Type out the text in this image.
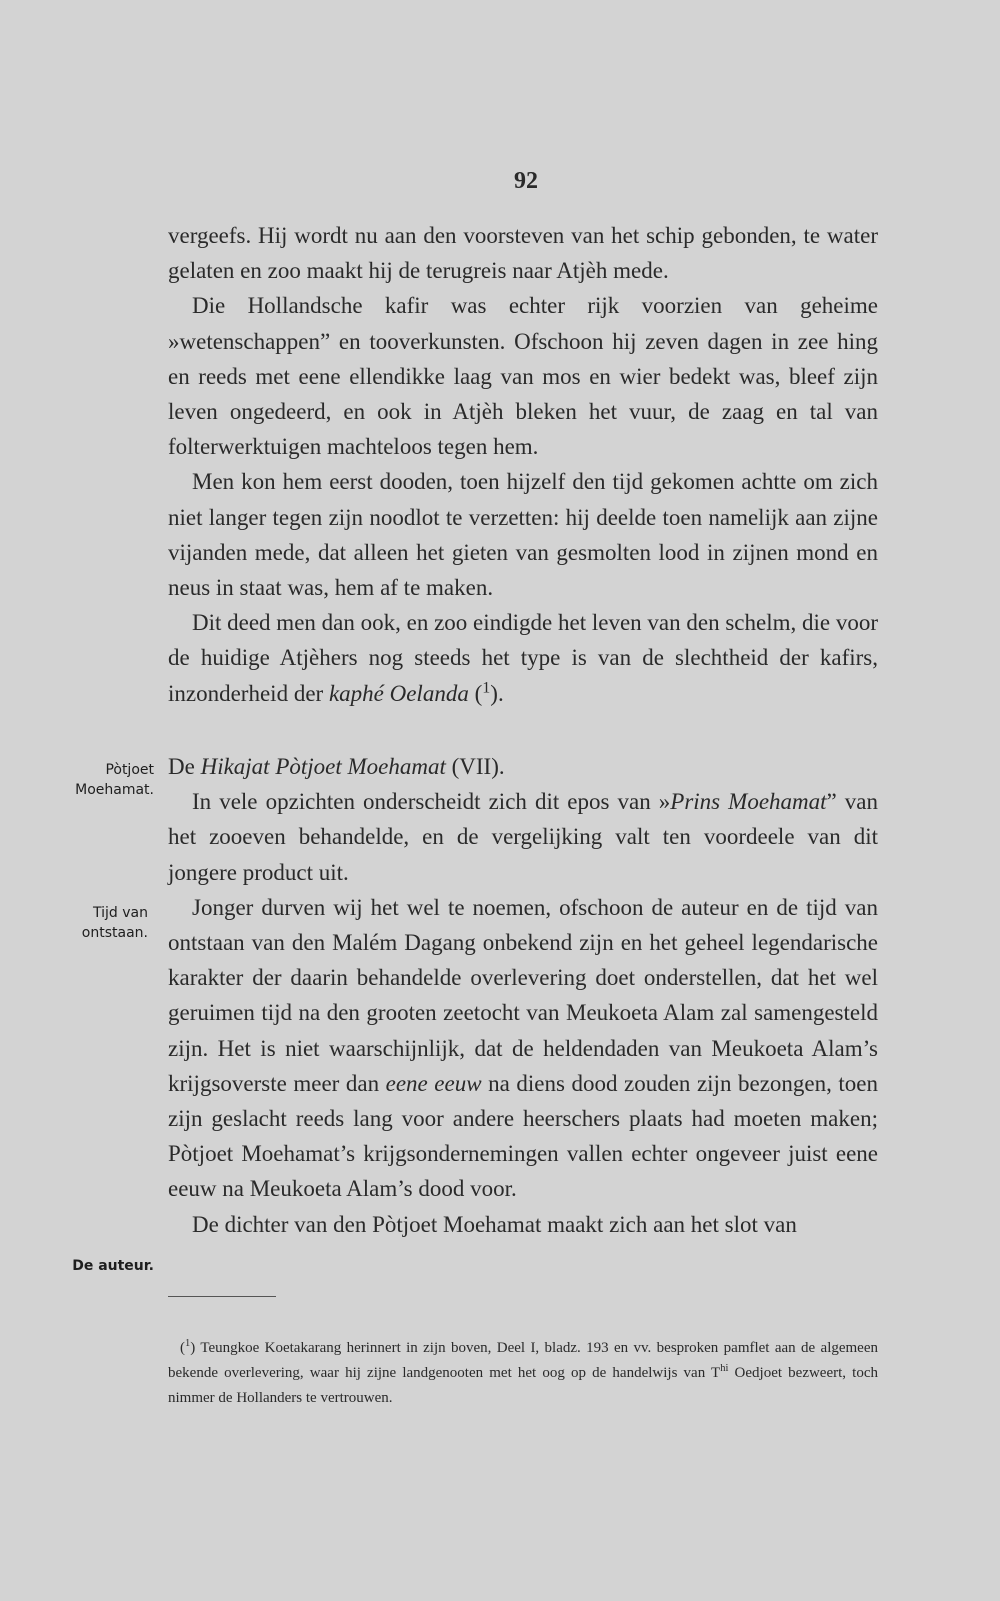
92

vergeefs. Hij wordt nu aan den voorsteven van het schip gebonden, te water gelaten en zoo maakt hij de terugreis naar Atjèh mede.

Die Hollandsche kafir was echter rijk voorzien van geheime »wetenschappen” en tooverkunsten. Ofschoon hij zeven dagen in zee hing en reeds met eene ellendikke laag van mos en wier bedekt was, bleef zijn leven ongedeerd, en ook in Atjèh bleken het vuur, de zaag en tal van folterwerktuigen machteloos tegen hem.

Men kon hem eerst dooden, toen hijzelf den tijd gekomen achtte om zich niet langer tegen zijn noodlot te verzetten: hij deelde toen namelijk aan zijne vijanden mede, dat alleen het gieten van gesmolten lood in zijnen mond en neus in staat was, hem af te maken.

Dit deed men dan ook, en zoo eindigde het leven van den schelm, die voor de huidige Atjèhers nog steeds het type is van de slechtheid der kafirs, inzonderheid der kaphé Oelanda ($^1$).

Pòtjoet
Moehamat.
Tijd van
ontstaan.
De auteur.

De Hikajat Pòtjoet Moehamat (VII).

In vele opzichten onderscheidt zich dit epos van »Prins Moehamat” van het zooeven behandelde, en de vergelijking valt ten voordeele van dit jongere product uit.

Jonger durven wij het wel te noemen, ofschoon de auteur en de tijd van ontstaan van den Malém Dagang onbekend zijn en het geheel legendarische karakter der daarin behandelde overlevering doet onderstellen, dat het wel geruimen tijd na den grooten zeetocht van Meukoeta Alam zal samengesteld zijn. Het is niet waarschijnlijk, dat de heldendaden van Meukoeta Alam’s krijgsoverste meer dan eene eeuw na diens dood zouden zijn bezongen, toen zijn geslacht reeds lang voor andere heerschers plaats had moeten maken; Pòtjoet Moehamat’s krijgsondernemingen vallen echter ongeveer juist eene eeuw na Meukoeta Alam’s dood voor.

De dichter van den Pòtjoet Moehamat maakt zich aan het slot van

($^1$) Teungkoe Koetakarang herinnert in zijn boven, Deel I, bladz. 193 en vv. besproken pamflet aan de algemeen bekende overlevering, waar hij zijne landgenooten met het oog op de handelwijs van $T^{hi}$ Oedjoet bezweert, toch nimmer de Hollanders te vertrouwen.
